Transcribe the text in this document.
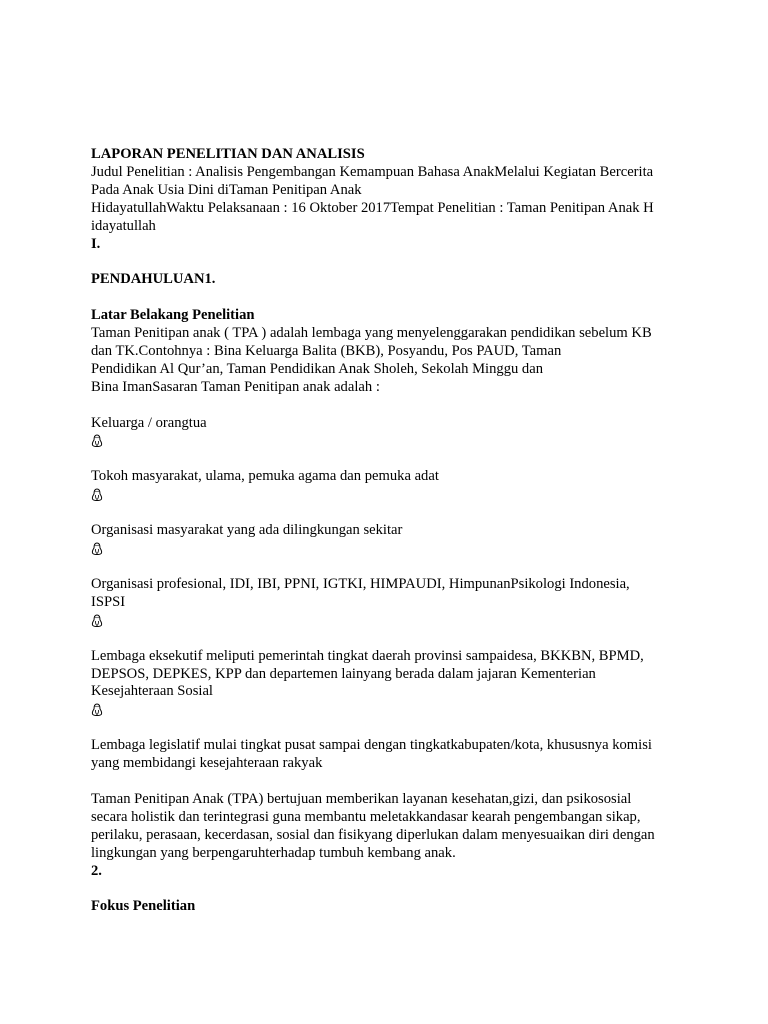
LAPORAN PENELITIAN DAN ANALISIS

Judul Penelitian : Analisis Pengembangan Kemampuan Bahasa AnakMelalui Kegiatan Bercerita

Pada Anak Usia Dini diTaman Penitipan Anak

HidayatullahWaktu Pelaksanaan : 16 Oktober 2017Tempat Penelitian : Taman Penitipan Anak H

idayatullah

I.

PENDAHULUAN1.

Latar Belakang Penelitian

Taman Penitipan anak ( TPA ) adalah lembaga yang menyelenggarakan pendidikan sebelum KB

dan TK.Contohnya : Bina Keluarga Balita (BKB), Posyandu, Pos PAUD, Taman

Pendidikan Al Qur’an, Taman Pendidikan Anak Sholeh, Sekolah Minggu dan

Bina ImanSasaran Taman Penitipan anak adalah :

Keluarga / orangtua

Tokoh masyarakat, ulama, pemuka agama dan pemuka adat

Organisasi masyarakat yang ada dilingkungan sekitar

Organisasi profesional, IDI, IBI, PPNI, IGTKI, HIMPAUDI, HimpunanPsikologi Indonesia,

ISPSI

Lembaga eksekutif meliputi pemerintah tingkat daerah provinsi sampaidesa, BKKBN, BPMD,

DEPSOS, DEPKES, KPP dan departemen lainyang berada dalam jajaran Kementerian

Kesejahteraan Sosial

Lembaga legislatif mulai tingkat pusat sampai dengan tingkatkabupaten/kota, khususnya komisi

yang membidangi kesejahteraan rakyak

Taman Penitipan Anak (TPA) bertujuan memberikan layanan kesehatan,gizi, dan psikososial

secara holistik dan terintegrasi guna membantu meletakkandasar kearah pengembangan sikap,

perilaku, perasaan, kecerdasan, sosial dan fisikyang diperlukan dalam menyesuaikan diri dengan

lingkungan yang berpengaruhterhadap tumbuh kembang anak.

2.

Fokus Penelitian
